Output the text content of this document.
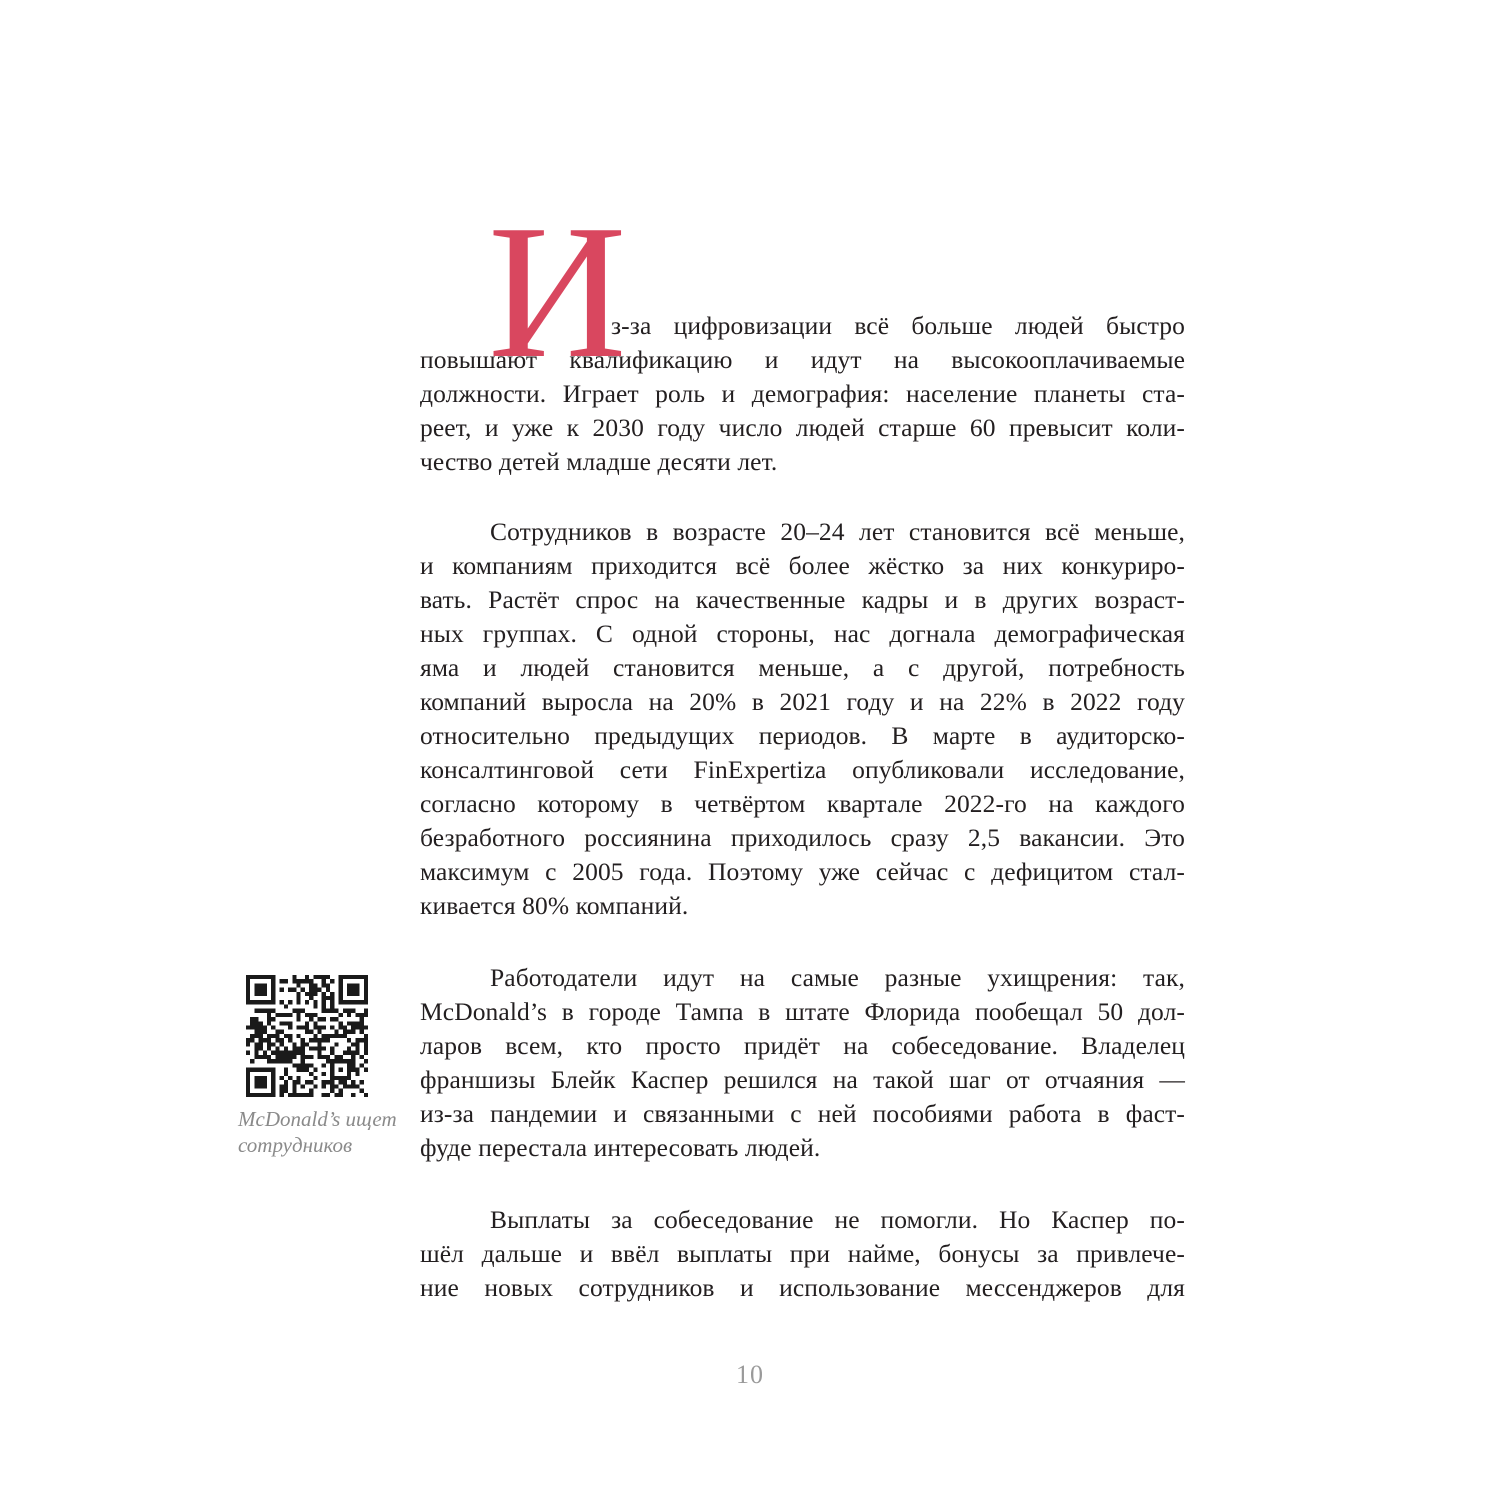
И
з-за цифровизации всё больше людей быстро
повышают квалификацию и идут на высокооплачиваемые
должности. Играет роль и демография: население планеты ста-
реет, и уже к 2030 году число людей старше 60 превысит коли-
чество детей младше десяти лет.
Сотрудников в возрасте 20–24 лет становится всё меньше,
и компаниям приходится всё более жёстко за них конкуриро-
вать. Растёт спрос на качественные кадры и в других возраст-
ных группах. С одной стороны, нас догнала демографическая
яма и людей становится меньше, а с другой, потребность
компаний выросла на 20% в 2021 году и на 22% в 2022 году
относительно предыдущих периодов. В марте в аудиторско-
консалтинговой сети FinExpertiza опубликовали исследование,
согласно которому в четвёртом квартале 2022-го на каждого
безработного россиянина приходилось сразу 2,5 вакансии. Это
максимум с 2005 года. Поэтому уже сейчас с дефицитом стал-
кивается 80% компаний.
Работодатели идут на самые разные ухищрения: так,
McDonald’s в городе Тампа в штате Флорида пообещал 50 дол-
ларов всем, кто просто придёт на собеседование. Владелец
франшизы Блейк Каспер решился на такой шаг от отчаяния —
из-за пандемии и связанными с ней пособиями работа в фаст-
фуде перестала интересовать людей.
Выплаты за собеседование не помогли. Но Каспер по-
шёл дальше и ввёл выплаты при найме, бонусы за привлече-
ние новых сотрудников и использование мессенджеров для
McDonald’s ищет
сотрудников
10
